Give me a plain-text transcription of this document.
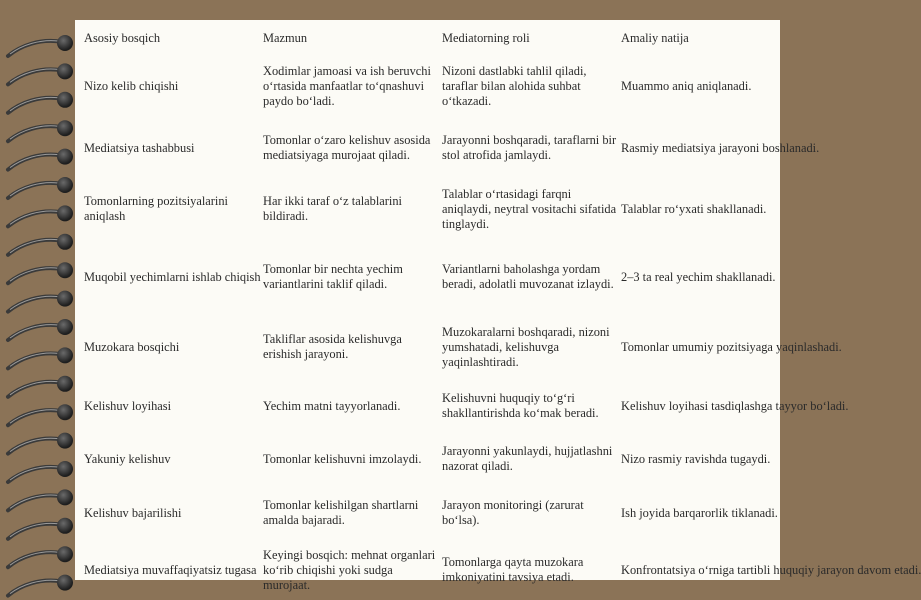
Asosiy bosqich	Mazmun	Mediatorning roli	Amaliy natija
Nizo kelib chiqishi	Xodimlar jamoasi va ish beruvchi o‘rtasida manfaatlar to‘qnashuvi paydo bo‘ladi.	Nizoni dastlabki tahlil qiladi, taraflar bilan alohida suhbat o‘tkazadi.	Muammo aniq aniqlanadi.
Mediatsiya tashabbusi	Tomonlar o‘zaro kelishuv asosida mediatsiyaga murojaat qiladi.	Jarayonni boshqaradi, taraflarni bir stol atrofida jamlaydi.	Rasmiy mediatsiya jarayoni boshlanadi.
Tomonlarning pozitsiyalarini aniqlash	Har ikki taraf o‘z talablarini bildiradi.	Talablar o‘rtasidagi farqni aniqlaydi, neytral vositachi sifatida tinglaydi.	Talablar ro‘yxati shakllanadi.
Muqobil yechimlarni ishlab chiqish	Tomonlar bir nechta yechim variantlarini taklif qiladi.	Variantlarni baholashga yordam beradi, adolatli muvozanat izlaydi.	2–3 ta real yechim shakllanadi.
Muzokara bosqichi	Takliflar asosida kelishuvga erishish jarayoni.	Muzokaralarni boshqaradi, nizoni yumshatadi, kelishuvga yaqinlashtiradi.	Tomonlar umumiy pozitsiyaga yaqinlashadi.
Kelishuv loyihasi	Yechim matni tayyorlanadi.	Kelishuvni huquqiy to‘g‘ri shakllantirishda ko‘mak beradi.	Kelishuv loyihasi tasdiqlashga tayyor bo‘ladi.
Yakuniy kelishuv	Tomonlar kelishuvni imzolaydi.	Jarayonni yakunlaydi, hujjatlashni nazorat qiladi.	Nizo rasmiy ravishda tugaydi.
Kelishuv bajarilishi	Tomonlar kelishilgan shartlarni amalda bajaradi.	Jarayon monitoringi (zarurat bo‘lsa).	Ish joyida barqarorlik tiklanadi.
Mediatsiya muvaffaqiyatsiz tugasa	Keyingi bosqich: mehnat organlari ko‘rib chiqishi yoki sudga murojaat.	Tomonlarga qayta muzokara imkoniyatini tavsiya etadi.	Konfrontatsiya o‘rniga tartibli huquqiy jarayon davom etadi.
